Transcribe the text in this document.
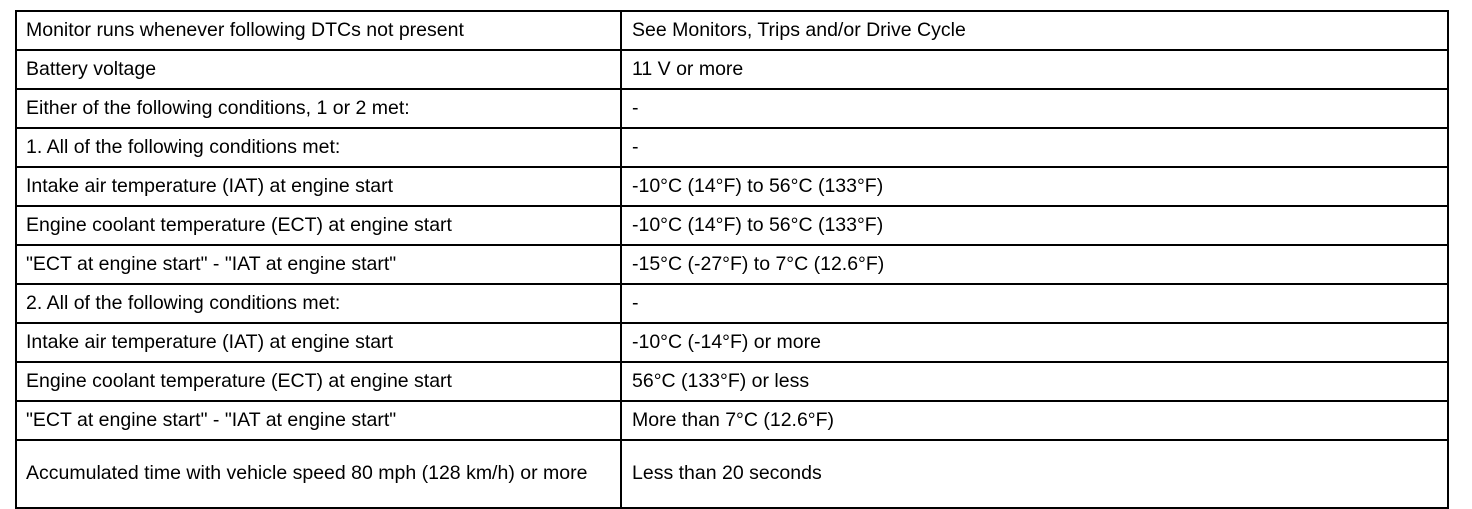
Monitor runs whenever following DTCs not present	See Monitors, Trips and/or Drive Cycle
Battery voltage	11 V or more
Either of the following conditions, 1 or 2 met:	-
1. All of the following conditions met:	-
Intake air temperature (IAT) at engine start	-10°C (14°F) to 56°C (133°F)
Engine coolant temperature (ECT) at engine start	-10°C (14°F) to 56°C (133°F)
"ECT at engine start" - "IAT at engine start"	-15°C (-27°F) to 7°C (12.6°F)
2. All of the following conditions met:	-
Intake air temperature (IAT) at engine start	-10°C (-14°F) or more
Engine coolant temperature (ECT) at engine start	56°C (133°F) or less
"ECT at engine start" - "IAT at engine start"	More than 7°C (12.6°F)
Accumulated time with vehicle speed 80 mph (128 km/h) or more	Less than 20 seconds
